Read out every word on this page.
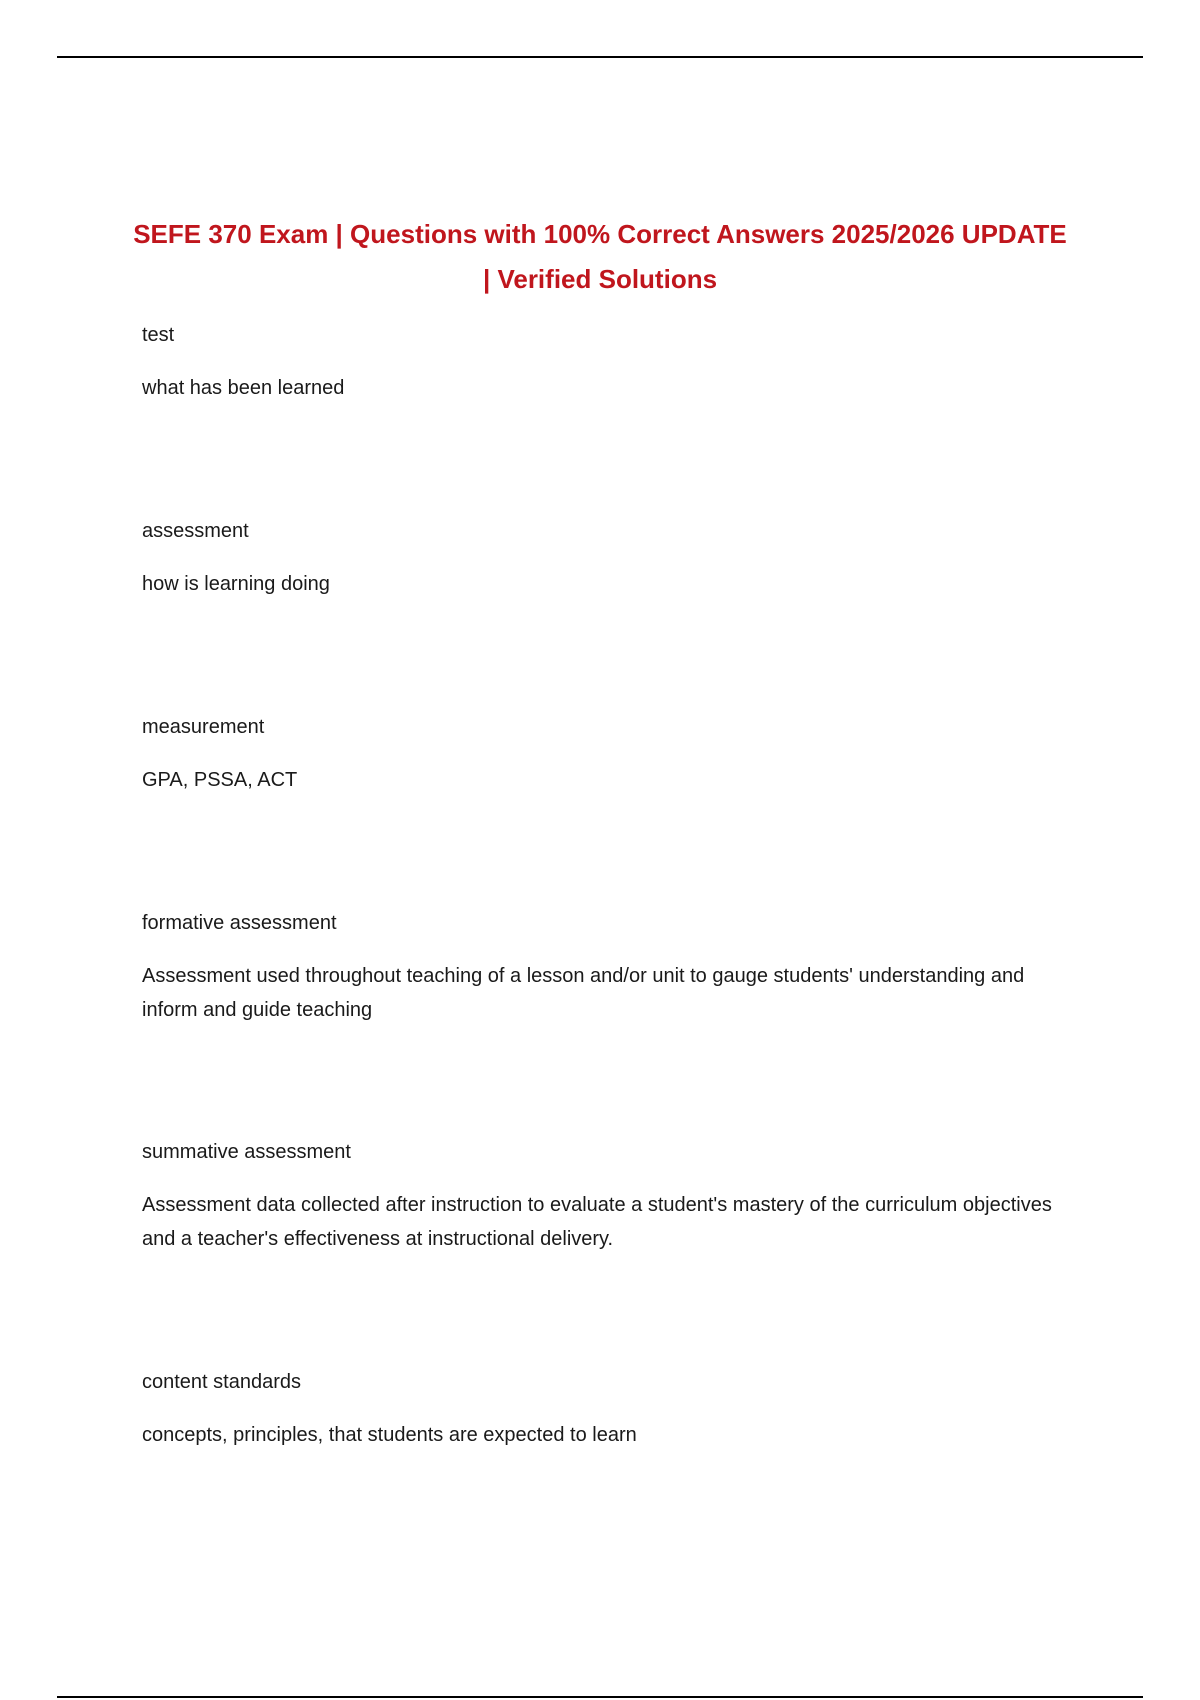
SEFE 370 Exam | Questions with 100% Correct Answers 2025/2026 UPDATE | Verified Solutions

test

what has been learned

assessment

how is learning doing

measurement

GPA, PSSA, ACT

formative assessment

Assessment used throughout teaching of a lesson and/or unit to gauge students' understanding and inform and guide teaching

summative assessment

Assessment data collected after instruction to evaluate a student's mastery of the curriculum objectives and a teacher's effectiveness at instructional delivery.

content standards

concepts, principles, that students are expected to learn
